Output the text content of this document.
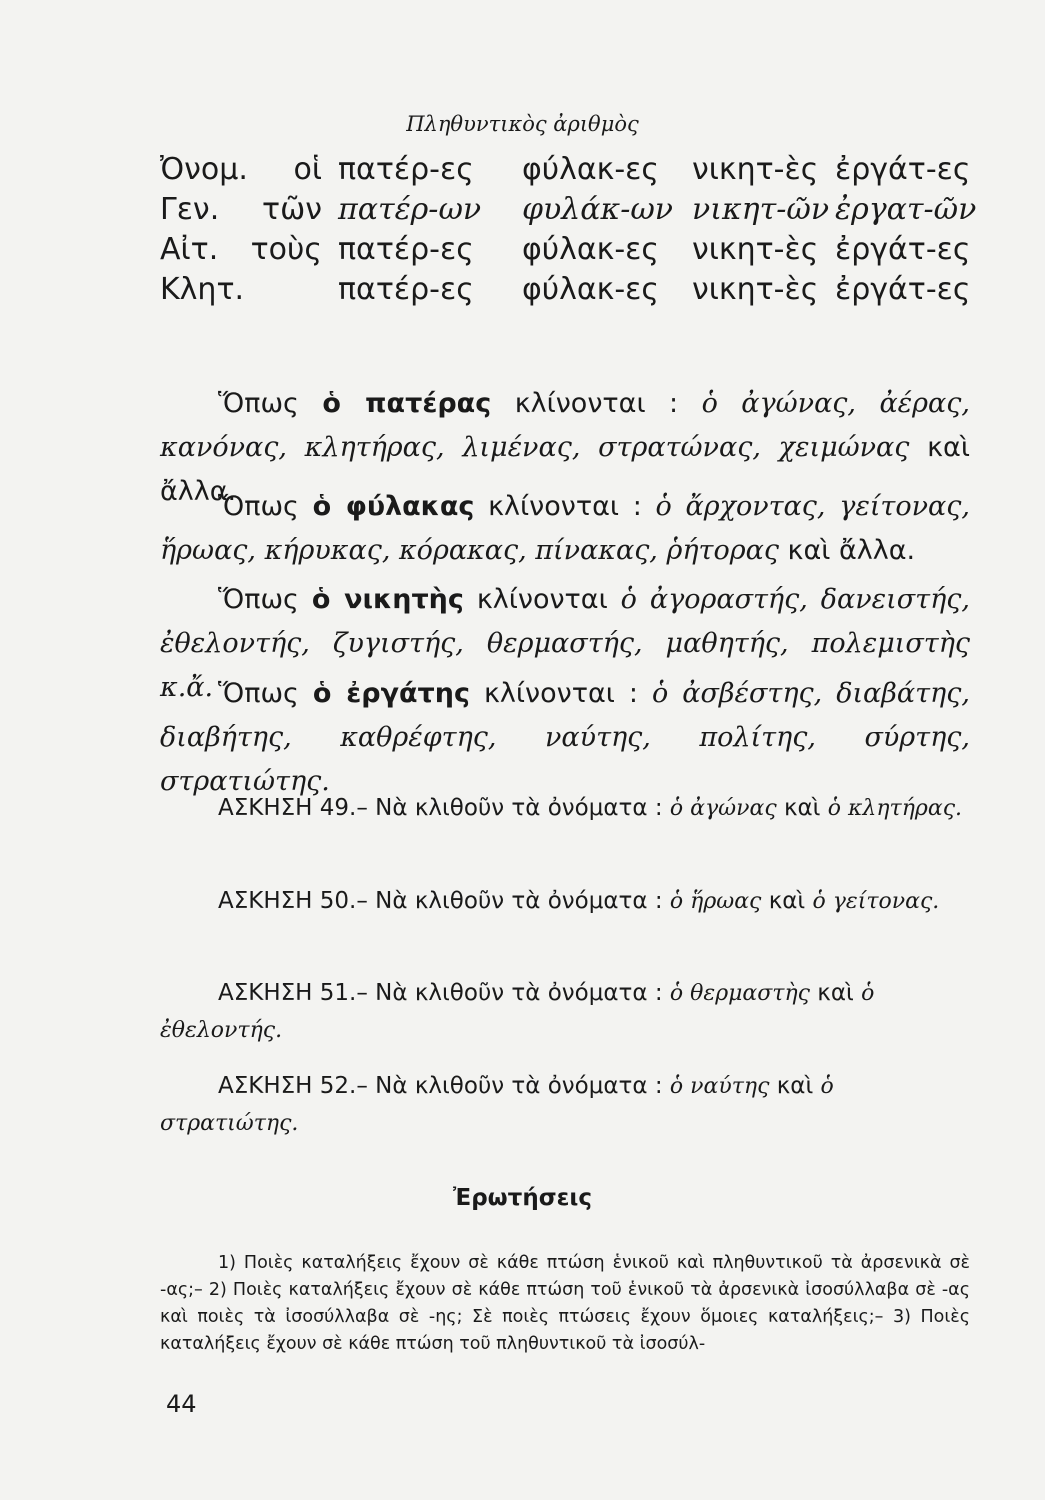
Πληθυντικὸς ἀριθμὸς
Ὀνομ.	οἱ πατέρ-ες φύλακ-ες νικητ-ὲς ἐργάτ-ες
Γεν.	τῶν πατέρ-ων φυλάκ-ων νικητ-ῶν ἐργατ-ῶν
Αἰτ.	τοὺς πατέρ-ες φύλακ-ες νικητ-ὲς ἐργάτ-ες
Κλητ.	πατέρ-ες φύλακ-ες νικητ-ὲς ἐργάτ-ες
Ὅπως ὁ πατέρας κλίνονται : ὁ ἀγώνας, ἀέρας, κανόνας, κλητήρας, λιμένας, στρατώνας, χειμώνας καὶ ἄλλα.
Ὅπως ὁ φύλακας κλίνονται : ὁ ἄρχοντας, γείτονας, ἥρωας, κήρυκας, κόρακας, πίνακας, ῥήτορας καὶ ἄλλα.
Ὅπως ὁ νικητὴς κλίνονται ὁ ἀγοραστής, δανειστής, ἐθελοντής, ζυγιστής, θερμαστής, μαθητής, πολεμιστὴς κ.ἄ. Ὅπως ὁ ἐργάτης κλίνονται : ὁ ἀσβέστης, διαβάτης, διαβήτης, καθρέφτης, ναύτης, πολίτης, σύρτης, στρατιώτης.
ΑΣΚΗΣΗ 49.– Νὰ κλιθοῦν τὰ ὀνόματα : ὁ ἀγώνας καὶ ὁ κλητήρας.
ΑΣΚΗΣΗ 50.– Νὰ κλιθοῦν τὰ ὀνόματα : ὁ ἥρωας καὶ ὁ γείτονας.
ΑΣΚΗΣΗ 51.– Νὰ κλιθοῦν τὰ ὀνόματα : ὁ θερμαστὴς καὶ ὁ ἐθελοντής.
ΑΣΚΗΣΗ 52.– Νὰ κλιθοῦν τὰ ὀνόματα : ὁ ναύτης καὶ ὁ στρατιώτης.
Ἐρωτήσεις
1) Ποιὲς καταλήξεις ἔχουν σὲ κάθε πτώση ἑνικοῦ καὶ πληθυντικοῦ τὰ ἀρσενικὰ σὲ -ας;– 2) Ποιὲς καταλήξεις ἔχουν σὲ κάθε πτώση τοῦ ἑνικοῦ τὰ ἀρσενικὰ ἰσοσύλλαβα σὲ -ας καὶ ποιὲς τὰ ἰσοσύλλαβα σὲ -ης; Σὲ ποιὲς πτώσεις ἔχουν ὅμοιες καταλήξεις;– 3) Ποιὲς καταλήξεις ἔχουν σὲ κάθε πτώση τοῦ πληθυντικοῦ τὰ ἰσοσύλ-
44
